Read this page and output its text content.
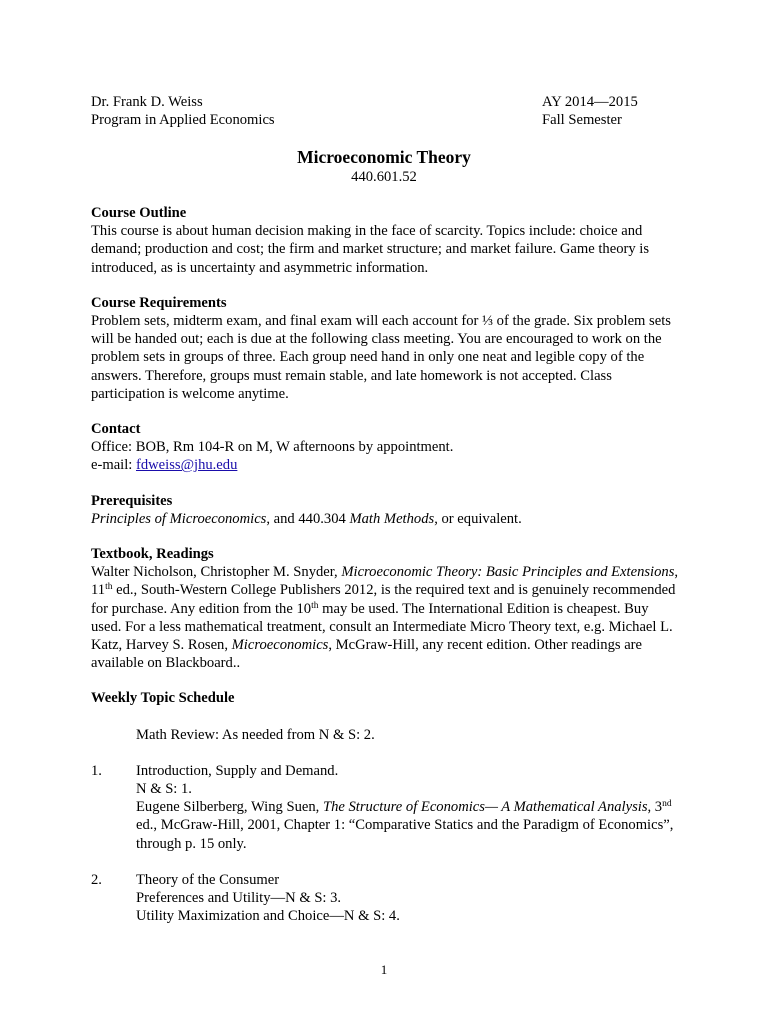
Dr. Frank D. Weiss
Program in Applied Economics
AY 2014—2015
Fall Semester
Microeconomic Theory
440.601.52
Course Outline

This course is about human decision making in the face of scarcity. Topics include: choice and demand; production and cost; the firm and market structure; and market failure. Game theory is introduced, as is uncertainty and asymmetric information.

Course Requirements

Problem sets, midterm exam, and final exam will each account for ⅓ of the grade. Six problem sets will be handed out; each is due at the following class meeting. You are encouraged to work on the problem sets in groups of three. Each group need hand in only one neat and legible copy of the answers. Therefore, groups must remain stable, and late homework is not accepted. Class participation is welcome anytime.

Contact

Office: BOB, Rm 104-R on M, W afternoons by appointment.

e-mail: fdweiss@jhu.edu

Prerequisites

Principles of Microeconomics, and 440.304 Math Methods, or equivalent.

Textbook, Readings

Walter Nicholson, Christopher M. Snyder, Microeconomic Theory: Basic Principles and Extensions, 11th ed., South-Western College Publishers 2012, is the required text and is genuinely recommended for purchase. Any edition from the 10th may be used. The International Edition is cheapest. Buy used. For a less mathematical treatment, consult an Intermediate Micro Theory text, e.g. Michael L. Katz, Harvey S. Rosen, Microeconomics, McGraw-Hill, any recent edition. Other readings are available on Blackboard..

Weekly Topic Schedule
Math Review: As needed from N & S: 2.
1.	Introduction, Supply and Demand.
N & S: 1.
Eugene Silberberg, Wing Suen, The Structure of Economics— A Mathematical Analysis, 3nd ed., McGraw-Hill, 2001, Chapter 1: “Comparative Statics and the Paradigm of Economics”, through p. 15 only.
2.	Theory of the Consumer
Preferences and Utility—N & S: 3.
Utility Maximization and Choice—N & S: 4.
1
